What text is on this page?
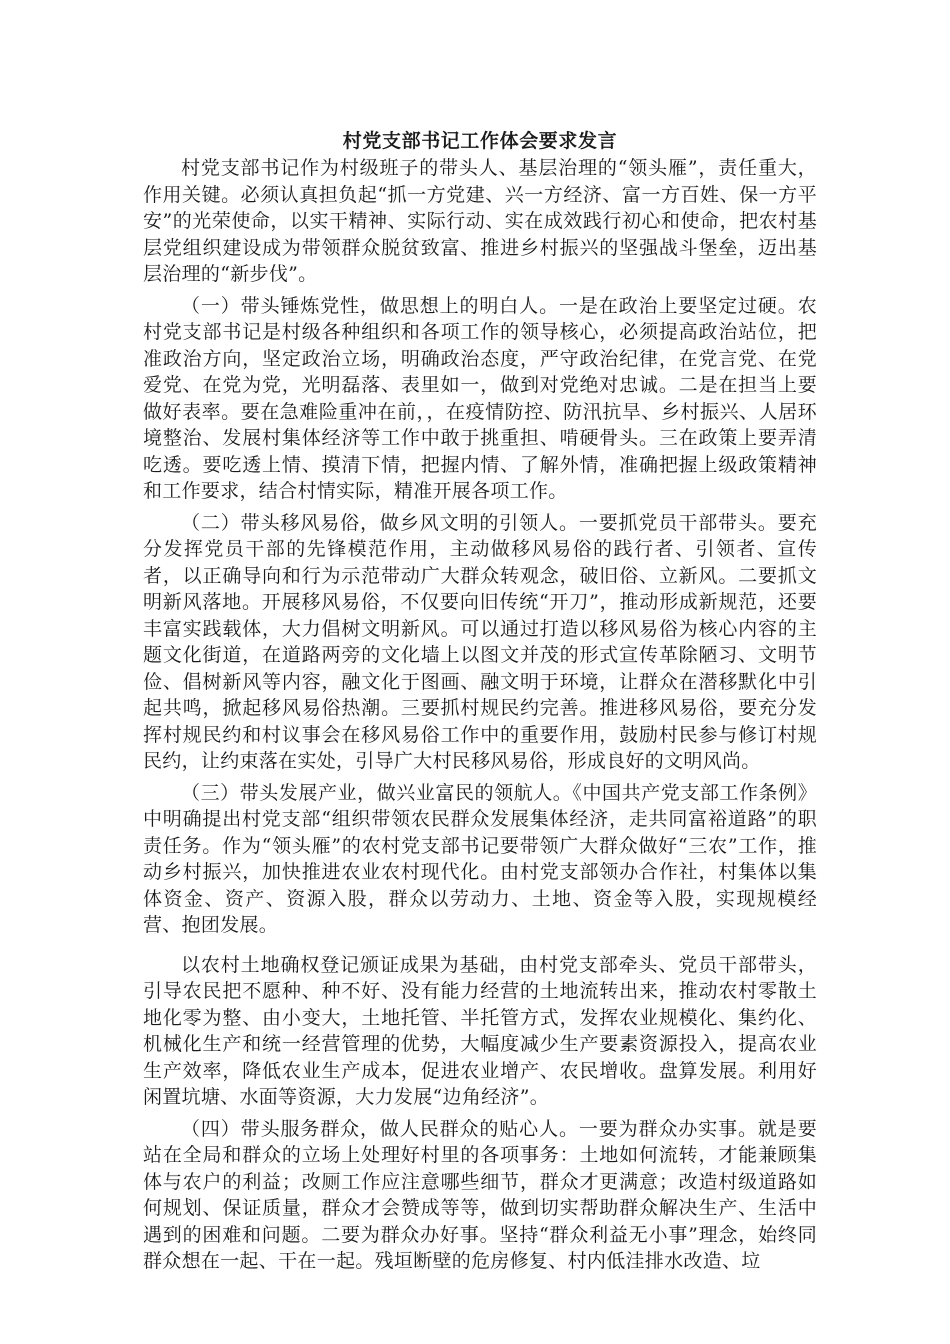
村党支部书记工作体会要求发言

村党支部书记作为村级班子的带头人、基层治理的“领头雁”，责任重大，作用关键。必须认真担负起“抓一方党建、兴一方经济、富一方百姓、保一方平安”的光荣使命，以实干精神、实际行动、实在成效践行初心和使命，把农村基层党组织建设成为带领群众脱贫致富、推进乡村振兴的坚强战斗堡垒，迈出基层治理的“新步伐”。

（一）带头锤炼党性，做思想上的明白人。一是在政治上要坚定过硬。农村党支部书记是村级各种组织和各项工作的领导核心，必须提高政治站位，把准政治方向，坚定政治立场，明确政治态度，严守政治纪律，在党言党、在党爱党、在党为党，光明磊落、表里如一，做到对党绝对忠诚。二是在担当上要做好表率。要在急难险重冲在前，，在疫情防控、防汛抗旱、乡村振兴、人居环境整治、发展村集体经济等工作中敢于挑重担、啃硬骨头。三在政策上要弄清吃透。要吃透上情、摸清下情，把握内情、了解外情，准确把握上级政策精神和工作要求，结合村情实际，精准开展各项工作。

（二）带头移风易俗，做乡风文明的引领人。一要抓党员干部带头。要充分发挥党员干部的先锋模范作用，主动做移风易俗的践行者、引领者、宣传者，以正确导向和行为示范带动广大群众转观念，破旧俗、立新风。二要抓文明新风落地。开展移风易俗，不仅要向旧传统“开刀”，推动形成新规范，还要丰富实践载体，大力倡树文明新风。可以通过打造以移风易俗为核心内容的主题文化街道，在道路两旁的文化墙上以图文并茂的形式宣传革除陋习、文明节俭、倡树新风等内容，融文化于图画、融文明于环境，让群众在潜移默化中引起共鸣，掀起移风易俗热潮。三要抓村规民约完善。推进移风易俗，要充分发挥村规民约和村议事会在移风易俗工作中的重要作用，鼓励村民参与修订村规民约，让约束落在实处，引导广大村民移风易俗，形成良好的文明风尚。

（三）带头发展产业，做兴业富民的领航人。《中国共产党支部工作条例》中明确提出村党支部“组织带领农民群众发展集体经济，走共同富裕道路”的职责任务。作为“领头雁”的农村党支部书记要带领广大群众做好“三农”工作，推动乡村振兴，加快推进农业农村现代化。由村党支部领办合作社，村集体以集体资金、资产、资源入股，群众以劳动力、土地、资金等入股，实现规模经营、抱团发展。

以农村土地确权登记颁证成果为基础，由村党支部牵头、党员干部带头，引导农民把不愿种、种不好、没有能力经营的土地流转出来，推动农村零散土地化零为整、由小变大，土地托管、半托管方式，发挥农业规模化、集约化、机械化生产和统一经营管理的优势，大幅度减少生产要素资源投入，提高农业生产效率，降低农业生产成本，促进农业增产、农民增收。盘算发展。利用好闲置坑塘、水面等资源，大力发展“边角经济”。

（四）带头服务群众，做人民群众的贴心人。一要为群众办实事。就是要站在全局和群众的立场上处理好村里的各项事务：土地如何流转，才能兼顾集体与农户的利益；改厕工作应注意哪些细节，群众才更满意；改造村级道路如何规划、保证质量，群众才会赞成等等，做到切实帮助群众解决生产、生活中遇到的困难和问题。二要为群众办好事。坚持“群众利益无小事”理念，始终同群众想在一起、干在一起。残垣断壁的危房修复、村内低洼排水改造、垃
